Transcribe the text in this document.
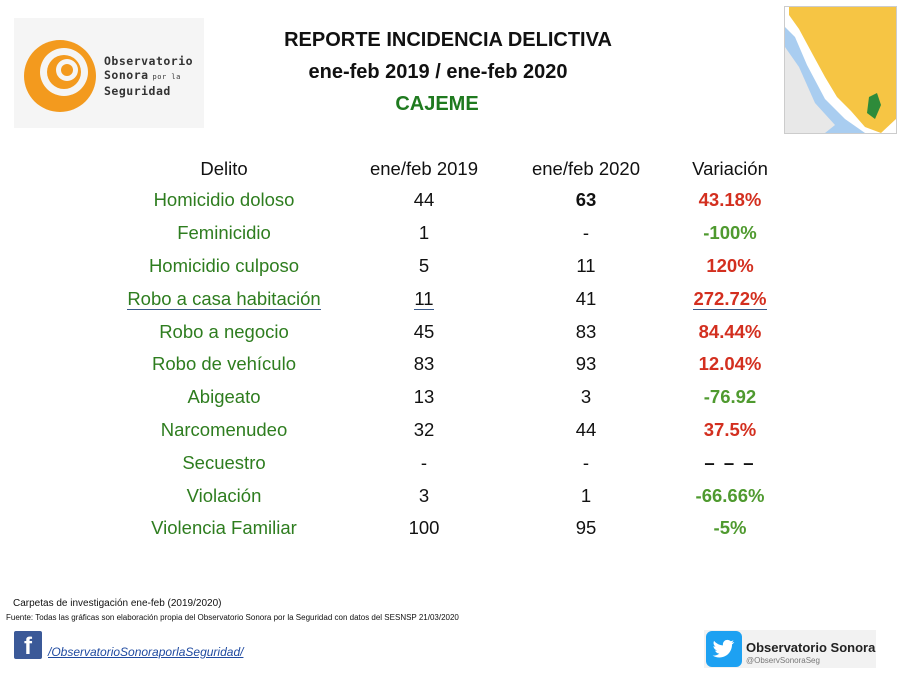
Observatorio
Sonora por la
Seguridad
REPORTE INCIDENCIA DELICTIVA
ene-feb 2019 / ene-feb 2020
CAJEME
Delito	ene/feb 2019	ene/feb 2020	Variación
Homicidio doloso	44	63	43.18%
Feminicidio	1	-	-100%
Homicidio culposo	5	11	120%
Robo a casa habitación	11	41	272.72%
Robo a negocio	45	83	84.44%
Robo de vehículo	83	93	12.04%
Abigeato	13	3	-76.92
Narcomenudeo	32	44	37.5%
Secuestro	-	-	– – –
Violación	3	1	-66.66%
Violencia Familiar	100	95	-5%
Carpetas de investigación ene-feb (2019/2020)
Fuente: Todas las gráficas son elaboración propia del Observatorio Sonora por la Seguridad con datos del SESNSP 21/03/2020
f	/ObservatorioSonoraporlaSeguridad/	Observatorio Sonora
@ObservSonoraSeg
